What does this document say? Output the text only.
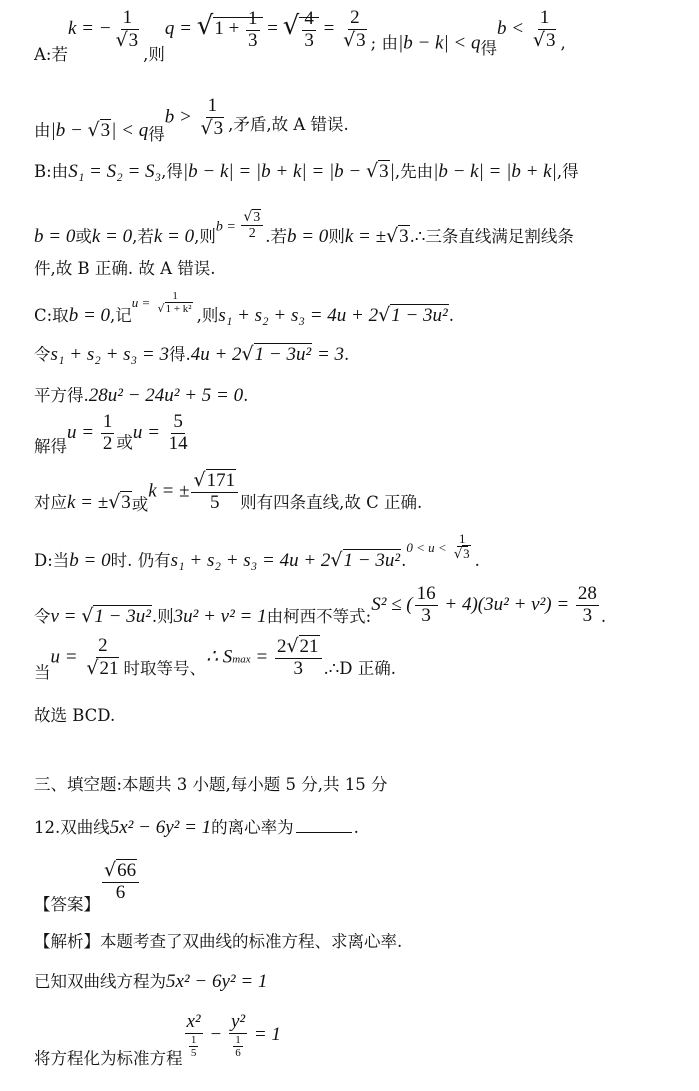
A:若k = − $\frac{1}{√3}$
,则$q = √1 + \frac{1}{3}$ = √ $\frac{4}{3} = \frac{2}{√3}$ ; 由|b − k| < q得$b < \frac{1}{√3}$ ,
由|b − √3| < q得$b > \frac{1}{√3}$ ,矛盾,故 A 错误.
B:由S₁ = S₂ = S₃,得|b − k| = |b + k| = |b − √3|,先由|b − k| = |b + k|,得
b = 0或k = 0,若k = 0,则$b = \frac{√3}{2}$ .若b = 0则k = ±√3.∴三条直线满足割线条
件,故 B 正确. 故 A 错误.
C:取b = 0,记$u = \frac{1}{\text{√1 + k²}}$
,则s₁ + s₂ + s₃ = 4u + 2√1 − 3u².
令s₁ + s₂ + s₃ = 3得.4u + 2√1 − 3u² = 3.
平方得.28u² − 24u² + 5 = 0.
解得$u = \frac{1}{2}$ 或$u = \frac{5}{14}$
对应k = ±√3或k = ± $\frac{√171}{5}$ 则有四条直线,故 C 正确.
D:当b = 0时. 仍有$s_1 + s_2 + s_3 = 4u + 2√1 - 3u^2.0 < u < \frac{1}{√3}$ .
令v = √1 − 3u².则3u² + v² = 1由柯西不等式:S² ≤ ( $\frac{16}{3} + 4)(3u^2 + v^2) = \frac{28}{3}$ .
当$u = \frac{2}{√21}$ 时取等号、∴ $Smax = \frac{2√21}{3}$ .∴D 正确.
故选 BCD.
三、填空题:本题共 3 小题,每小题 5 分,共 15 分
12.双曲线5x² − 6y² = 1的离心率为	.
【答案】
$\frac{√66}{6}$
【解析】本题考查了双曲线的标准方程、求离心率.
已知双曲线方程为5x² − 6y² = 1
将方程化为标准方程 $\frac{\text{x²}}{\frac{1}{5}} - \frac{\text{y²}}{\frac{1}{6}} = 1$
